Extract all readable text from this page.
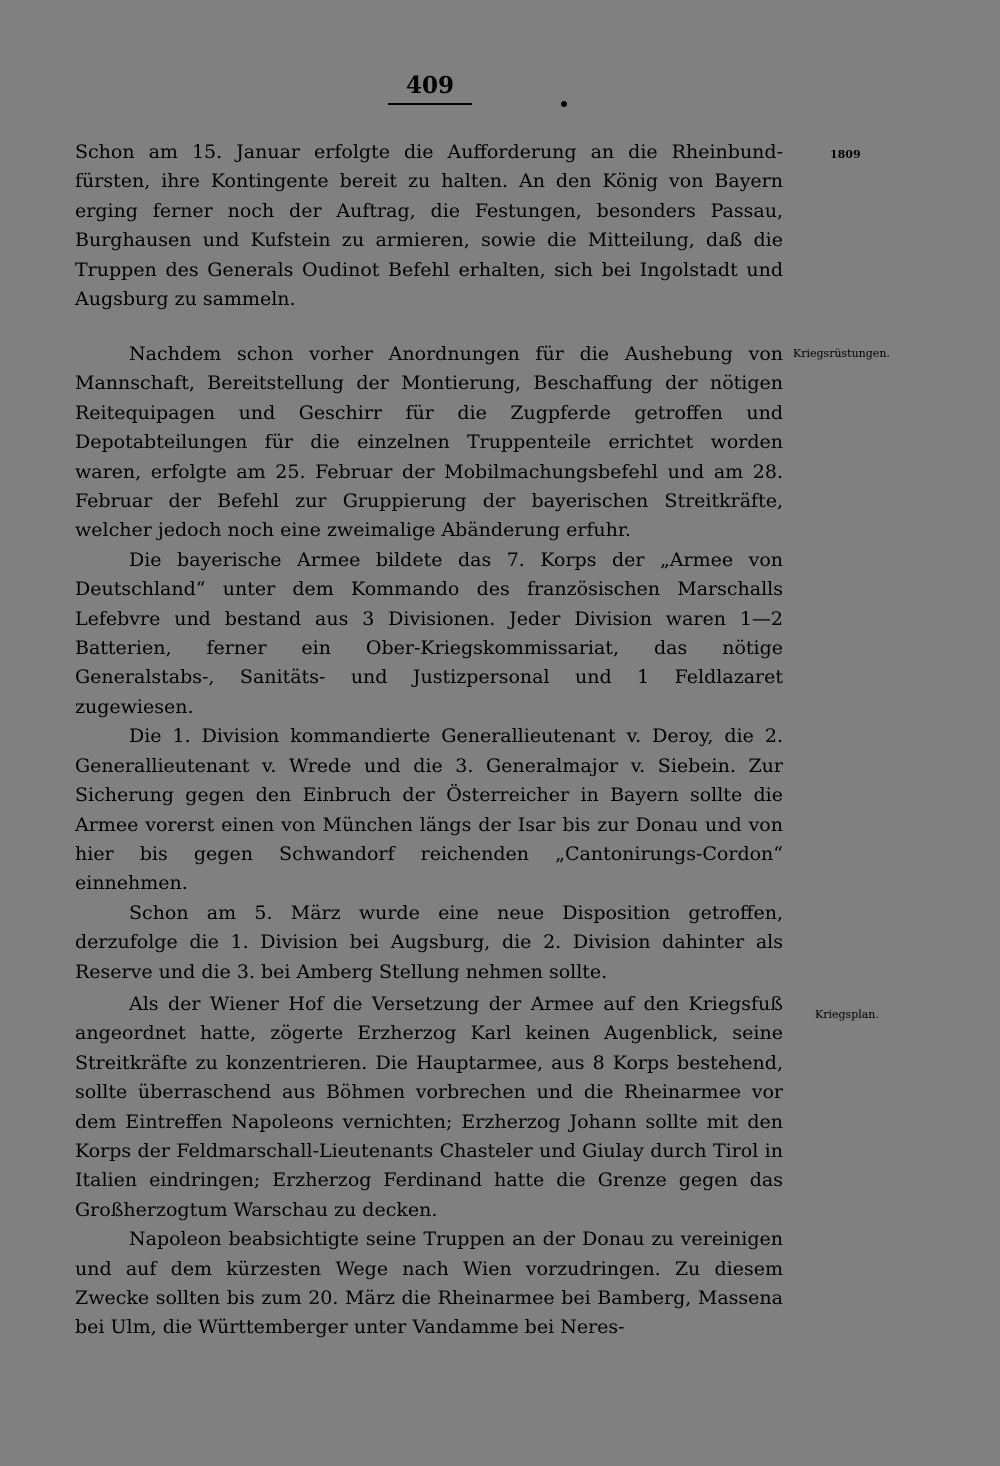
409
1809
Kriegsrüstungen.
Kriegsplan.

Schon am 15. Januar erfolgte die Aufforderung an die Rheinbund-fürsten, ihre Kontingente bereit zu halten. An den König von Bayern erging ferner noch der Auftrag, die Festungen, besonders Passau, Burghausen und Kufstein zu armieren, sowie die Mitteilung, daß die Truppen des Generals Oudinot Befehl erhalten, sich bei Ingolstadt und Augsburg zu sammeln.

Nachdem schon vorher Anordnungen für die Aushebung von Mannschaft, Bereitstellung der Montierung, Beschaffung der nötigen Reitequipagen und Geschirr für die Zugpferde getroffen und Depotabteilungen für die einzelnen Truppenteile errichtet worden waren, erfolgte am 25. Februar der Mobilmachungsbefehl und am 28. Februar der Befehl zur Gruppierung der bayerischen Streitkräfte, welcher jedoch noch eine zweimalige Abänderung erfuhr.

Die bayerische Armee bildete das 7. Korps der „Armee von Deutschland“ unter dem Kommando des französischen Marschalls Lefebvre und bestand aus 3 Divisionen. Jeder Division waren 1—2 Batterien, ferner ein Ober-Kriegskommissariat, das nötige Generalstabs-, Sanitäts- und Justizpersonal und 1 Feldlazaret zugewiesen.

Die 1. Division kommandierte Generallieutenant v. Deroy, die 2. Generallieutenant v. Wrede und die 3. Generalmajor v. Siebein. Zur Sicherung gegen den Einbruch der Österreicher in Bayern sollte die Armee vorerst einen von München längs der Isar bis zur Donau und von hier bis gegen Schwandorf reichenden „Cantonirungs-Cordon“ einnehmen.

Schon am 5. März wurde eine neue Disposition getroffen, derzufolge die 1. Division bei Augsburg, die 2. Division dahinter als Reserve und die 3. bei Amberg Stellung nehmen sollte.

Als der Wiener Hof die Versetzung der Armee auf den Kriegsfuß angeordnet hatte, zögerte Erzherzog Karl keinen Augenblick, seine Streitkräfte zu konzentrieren. Die Hauptarmee, aus 8 Korps bestehend, sollte überraschend aus Böhmen vorbrechen und die Rheinarmee vor dem Eintreffen Napoleons vernichten; Erzherzog Johann sollte mit den Korps der Feldmarschall-Lieutenants Chasteler und Giulay durch Tirol in Italien eindringen; Erzherzog Ferdinand hatte die Grenze gegen das Großherzogtum Warschau zu decken.

Napoleon beabsichtigte seine Truppen an der Donau zu vereinigen und auf dem kürzesten Wege nach Wien vorzudringen. Zu diesem Zwecke sollten bis zum 20. März die Rheinarmee bei Bamberg, Massena bei Ulm, die Württemberger unter Vandamme bei Neres-
